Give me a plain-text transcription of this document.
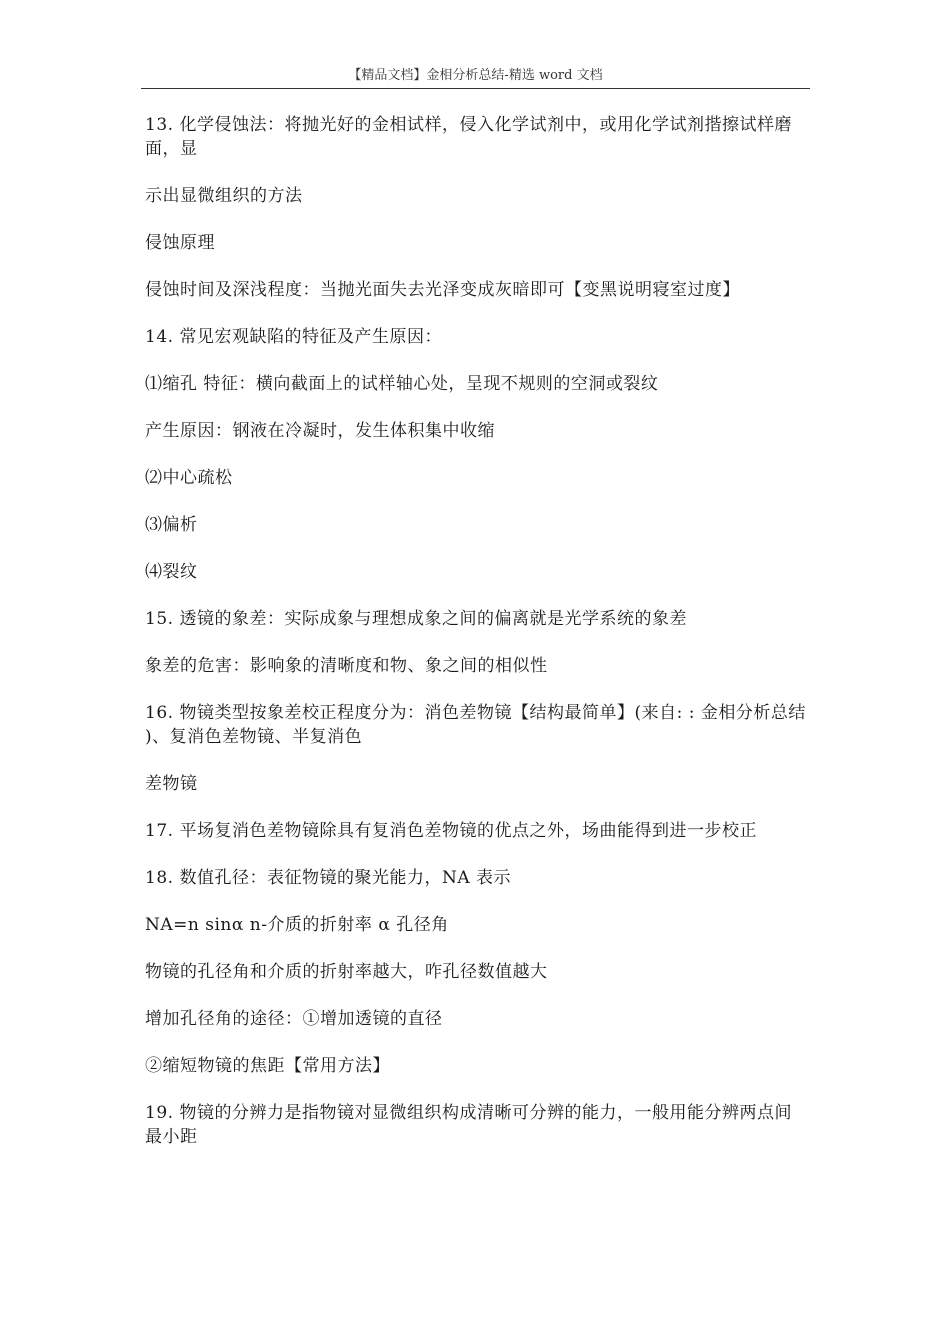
【精品文档】金相分析总结-精选 word 文档

13. 化学侵蚀法：将抛光好的金相试样，侵入化学试剂中，或用化学试剂揩擦试样磨面，显

示出显微组织的方法

侵蚀原理

侵蚀时间及深浅程度：当抛光面失去光泽变成灰暗即可【变黑说明寝室过度】

14. 常见宏观缺陷的特征及产生原因：

⑴缩孔 特征：横向截面上的试样轴心处，呈现不规则的空洞或裂纹

产生原因：钢液在冷凝时，发生体积集中收缩

⑵中心疏松

⑶偏析

⑷裂纹

15. 透镜的象差：实际成象与理想成象之间的偏离就是光学系统的象差

象差的危害：影响象的清晰度和物、象之间的相似性

16. 物镜类型按象差校正程度分为：消色差物镜【结构最简单】(来自: : 金相分析总结 )、复消色差物镜、半复消色

差物镜

17. 平场复消色差物镜除具有复消色差物镜的优点之外，场曲能得到进一步校正

18. 数值孔径：表征物镜的聚光能力，NA 表示

NA=n sinα n-介质的折射率 α 孔径角

物镜的孔径角和介质的折射率越大，咋孔径数值越大

增加孔径角的途径：①增加透镜的直径

②缩短物镜的焦距【常用方法】

19. 物镜的分辨力是指物镜对显微组织构成清晰可分辨的能力，一般用能分辨两点间最小距
